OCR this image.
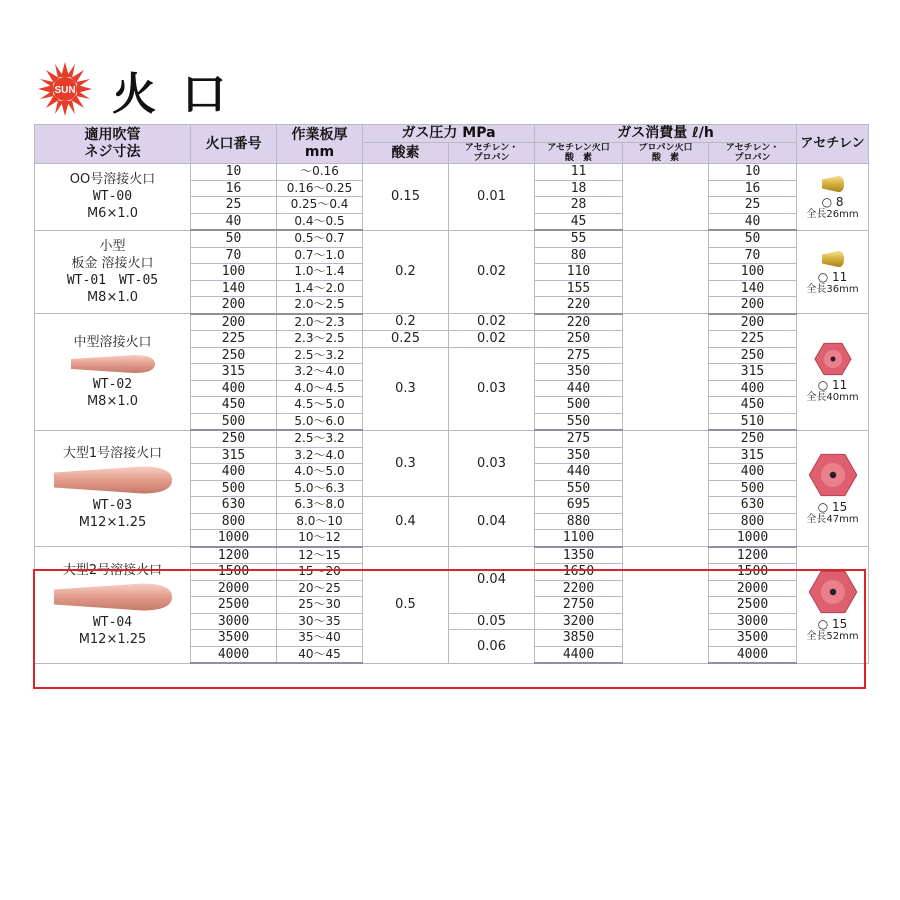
SUN 火口
適用吹管
ネジ寸法	火口番号	作業板厚
mm	ガス圧力 MPa		ガス消費量 ℓ/h			アセチレン
			酸素	アセチレン・
プロパン	アセチレン火口
酸　素	プロパン火口
酸　素	アセチレン・
プロパン	

OO号溶接火口
WT-00
M6×1.0	10	～0.16	0.15	0.01	11		10	○ 8
全長26mm

	16	0.16～0.25			18		16	
	25	0.25～0.4			28		25	
	40	0.4～0.5			45		40	

小型
板金 溶接火口
WT-01　WT-05
M8×1.0	50	0.5～0.7	0.2	0.02	55		50	○ 11
全長36mm

	70	0.7～1.0			80		70	
	100	1.0～1.4			110		100	
	140	1.4～2.0			155		140	
	200	2.0～2.5			220		200	

中型溶接火口
WT-02
M8×1.0	200	2.0～2.3	0.2	0.02	220		200	○ 11
全長40mm

	225	2.3～2.5	0.25	0.02	250		225	
	250	2.5～3.2	0.3	0.03	275		250	
	315	3.2～4.0			350		315	
	400	4.0～4.5			440		400	
	450	4.5～5.0			500		450	
	500	5.0～6.0			550		510	

大型1号溶接火口
WT-03
M12×1.25	250	2.5～3.2	0.3	0.03	275		250	○ 15
全長47mm

	315	3.2～4.0			350		315	
	400	4.0～5.0			440		400	
	500	5.0～6.3			550		500	
	630	6.3～8.0	0.4	0.04	695		630	
	800	8.0～10			880		800	
	1000	10～12			1100		1000	

大型2号溶接火口
WT-04
M12×1.25	1200	12～15	0.5	0.04	1350		1200	○ 15
全長52mm

	1500	15～20			1650		1500	
	2000	20～25			2200		2000	
	2500	25～30			2750		2500	
	3000	30～35		0.05	3200		3000	
	3500	35～40		0.06	3850		3500	
	4000	40～45			4400		4000	
